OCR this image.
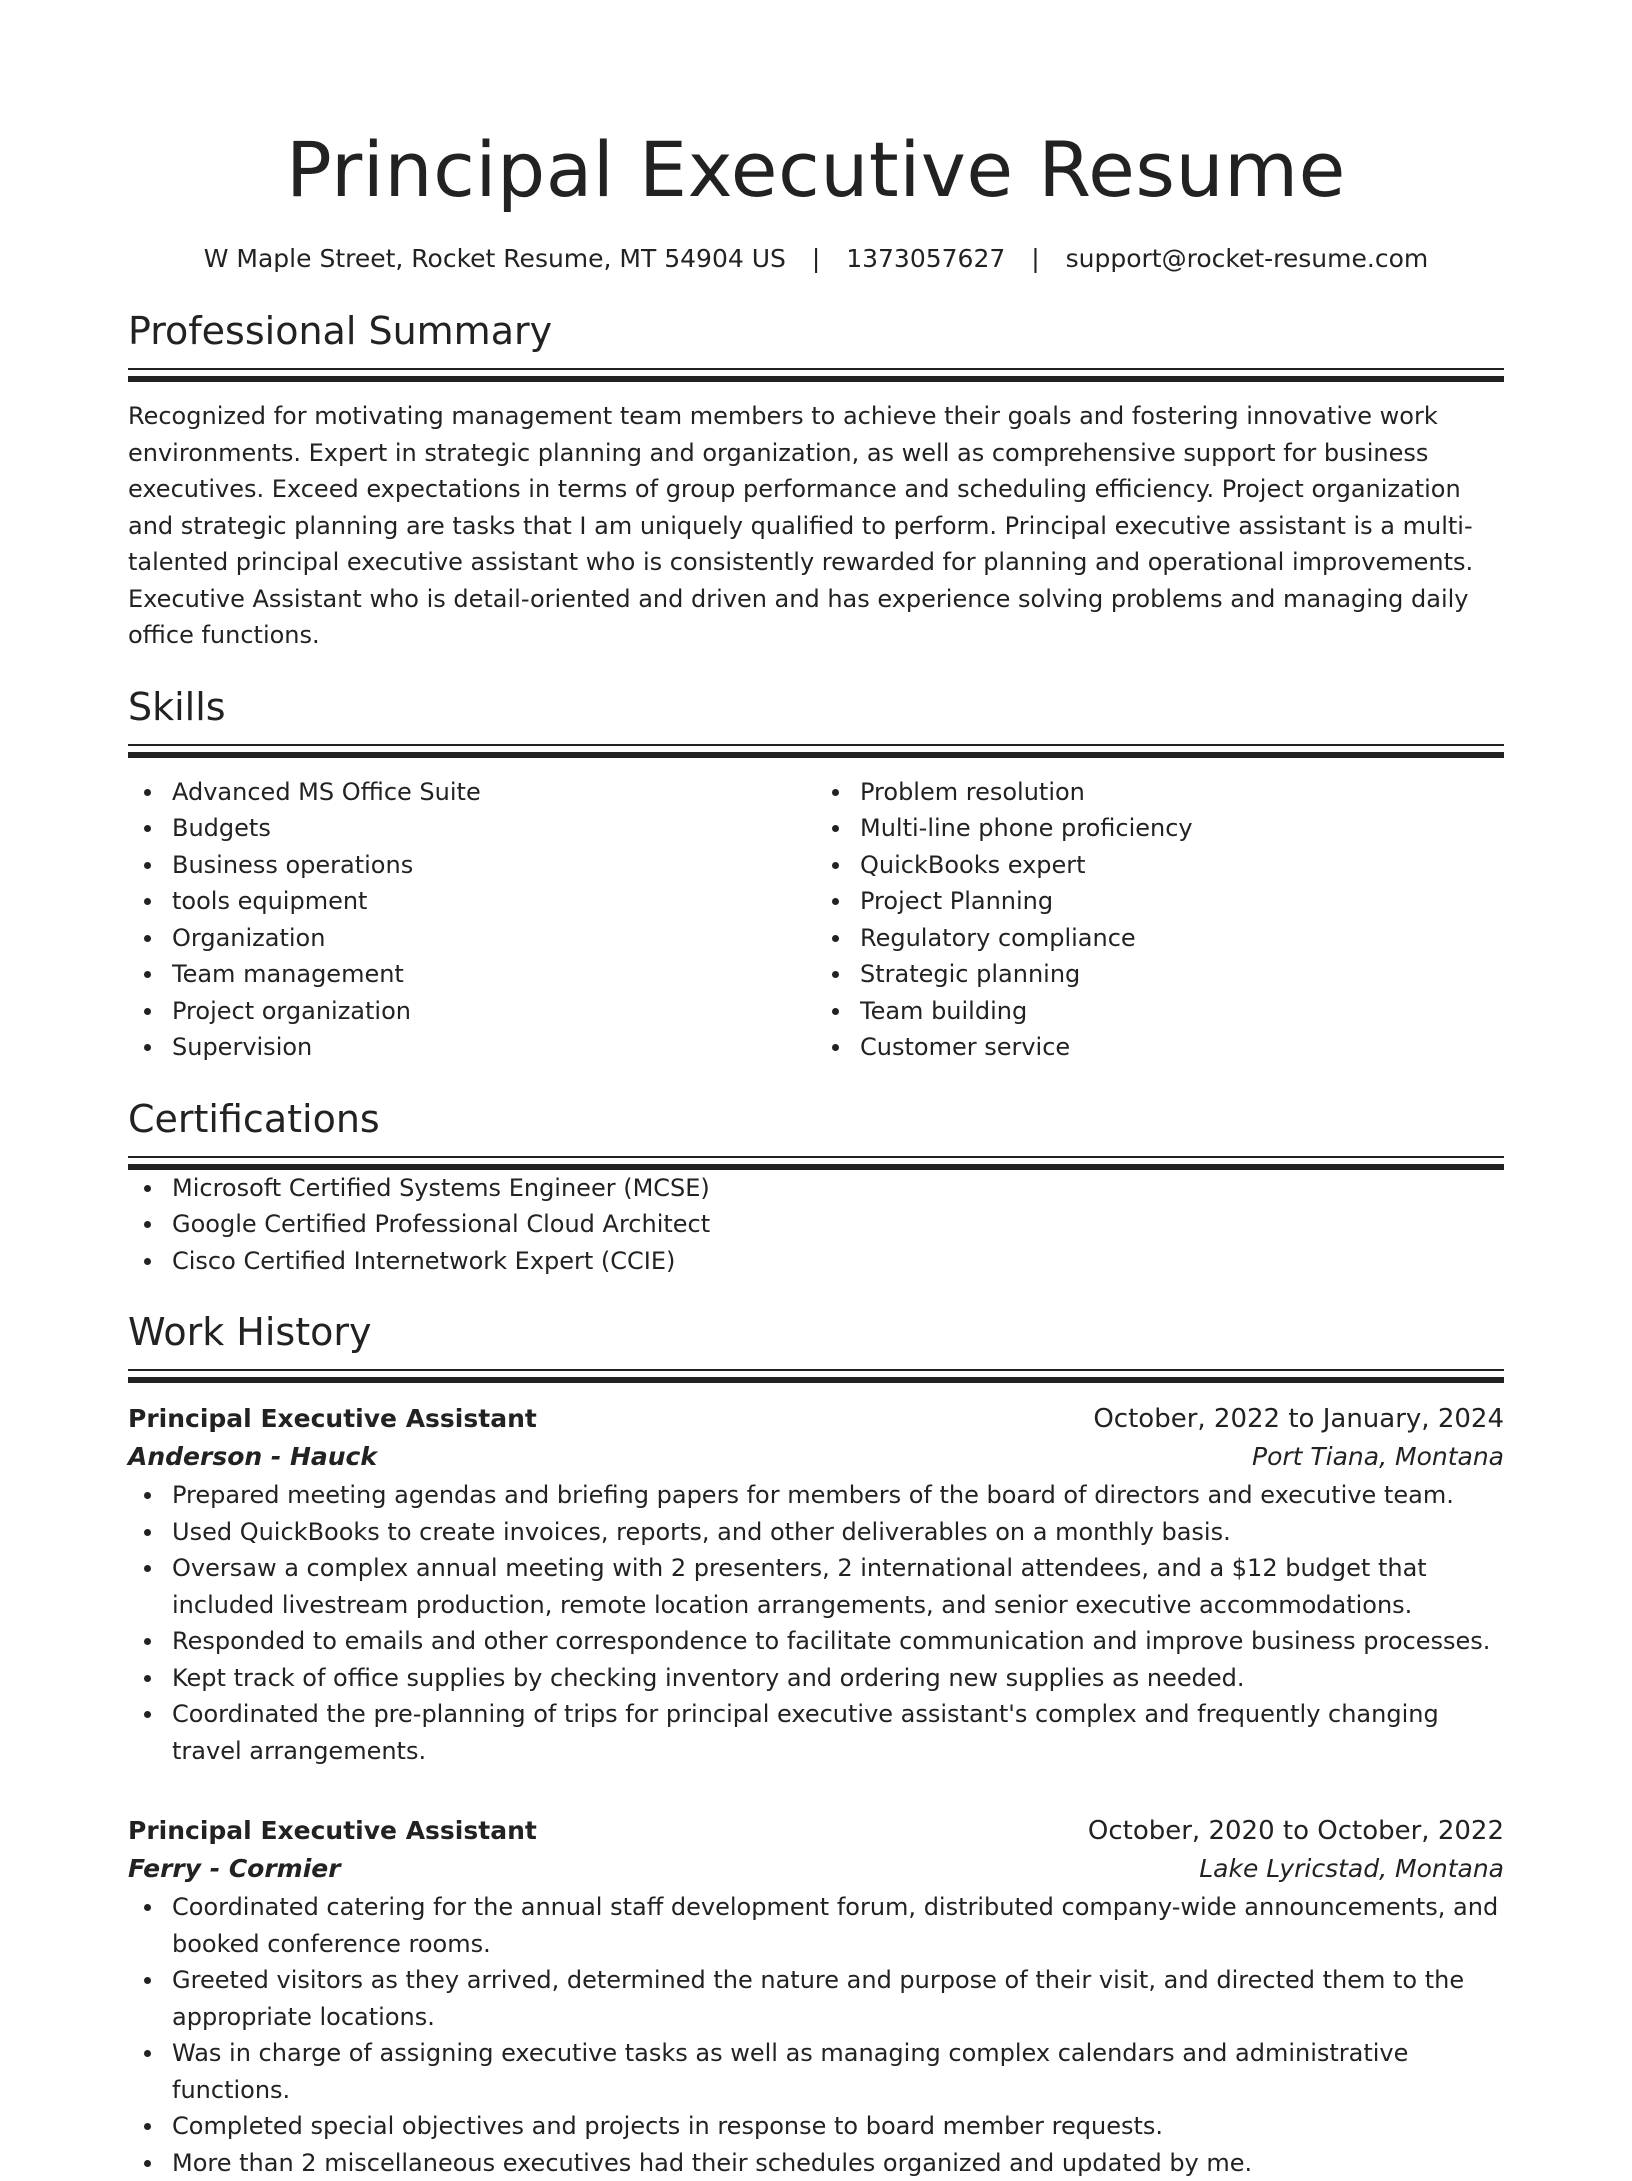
Principal Executive Resume
W Maple Street, Rocket Resume, MT 54904 US | 1373057627 | support@rocket-resume.com
Professional Summary
Recognized for motivating management team members to achieve their goals and fostering innovative work environments. Expert in strategic planning and organization, as well as comprehensive support for business executives. Exceed expectations in terms of group performance and scheduling efficiency. Project organization and strategic planning are tasks that I am uniquely qualified to perform. Principal executive assistant is a multi-talented principal executive assistant who is consistently rewarded for planning and operational improvements. Executive Assistant who is detail-oriented and driven and has experience solving problems and managing daily office functions.
Skills
Advanced MS Office Suite
Budgets
Business operations
tools equipment
Organization
Team management
Project organization
Supervision
Problem resolution
Multi-line phone proficiency
QuickBooks expert
Project Planning
Regulatory compliance
Strategic planning
Team building
Customer service
Certifications
Microsoft Certified Systems Engineer (MCSE)
Google Certified Professional Cloud Architect
Cisco Certified Internetwork Expert (CCIE)
Work History
Principal Executive Assistant	October, 2022 to January, 2024
Anderson - Hauck	Port Tiana, Montana
Prepared meeting agendas and briefing papers for members of the board of directors and executive team.
Used QuickBooks to create invoices, reports, and other deliverables on a monthly basis.
Oversaw a complex annual meeting with 2 presenters, 2 international attendees, and a $12 budget that included livestream production, remote location arrangements, and senior executive accommodations.
Responded to emails and other correspondence to facilitate communication and improve business processes.
Kept track of office supplies by checking inventory and ordering new supplies as needed.
Coordinated the pre-planning of trips for principal executive assistant's complex and frequently changing travel arrangements.
Principal Executive Assistant	October, 2020 to October, 2022
Ferry - Cormier	Lake Lyricstad, Montana
Coordinated catering for the annual staff development forum, distributed company-wide announcements, and booked conference rooms.
Greeted visitors as they arrived, determined the nature and purpose of their visit, and directed them to the appropriate locations.
Was in charge of assigning executive tasks as well as managing complex calendars and administrative functions.
Completed special objectives and projects in response to board member requests.
More than 2 miscellaneous executives had their schedules organized and updated by me.
